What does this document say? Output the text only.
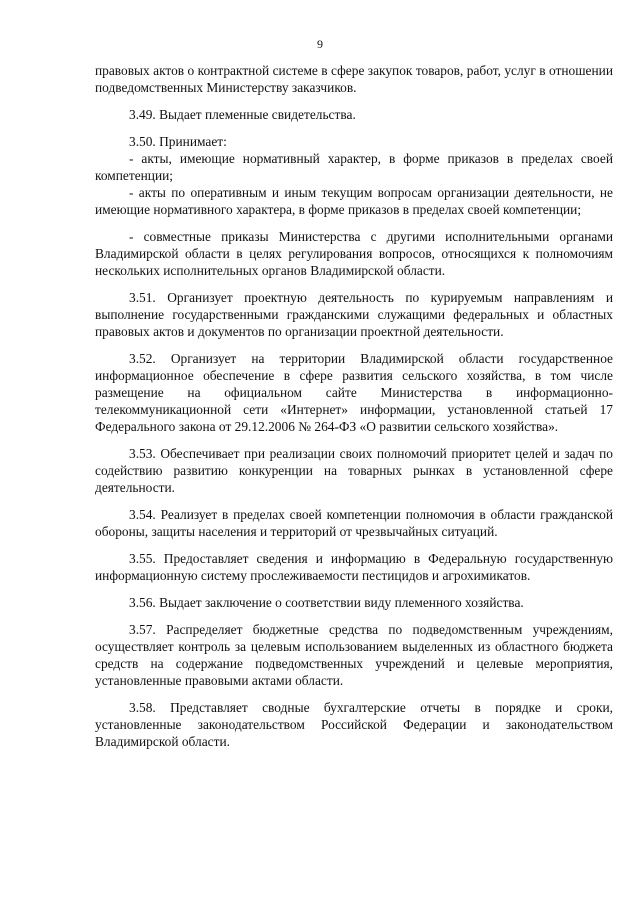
9

правовых актов о контрактной системе в сфере закупок товаров, работ, услуг в отношении подведомственных Министерству заказчиков.

3.49. Выдает племенные свидетельства.

3.50. Принимает:

- акты, имеющие нормативный характер, в форме приказов в пределах своей компетенции;

- акты по оперативным и иным текущим вопросам организации деятельности, не имеющие нормативного характера, в форме приказов в пределах своей компетенции;

- совместные приказы Министерства с другими исполнительными органами Владимирской области в целях регулирования вопросов, относящихся к полномочиям нескольких исполнительных органов Владимирской области.

3.51. Организует проектную деятельность по курируемым направлениям и выполнение государственными гражданскими служащими федеральных и областных правовых актов и документов по организации проектной деятельности.

3.52. Организует на территории Владимирской области государственное информационное обеспечение в сфере развития сельского хозяйства, в том числе размещение на официальном сайте Министерства в информационно-телекоммуникационной сети «Интернет» информации, установленной статьей 17 Федерального закона от 29.12.2006 № 264-ФЗ «О развитии сельского хозяйства».

3.53. Обеспечивает при реализации своих полномочий приоритет целей и задач по содействию развитию конкуренции на товарных рынках в установленной сфере деятельности.

3.54. Реализует в пределах своей компетенции полномочия в области гражданской обороны, защиты населения и территорий от чрезвычайных ситуаций.

3.55. Предоставляет сведения и информацию в Федеральную государственную информационную систему прослеживаемости пестицидов и агрохимикатов.

3.56. Выдает заключение о соответствии виду племенного хозяйства.

3.57. Распределяет бюджетные средства по подведомственным учреждениям, осуществляет контроль за целевым использованием выделенных из областного бюджета средств на содержание подведомственных учреждений и целевые мероприятия, установленные правовыми актами области.

3.58. Представляет сводные бухгалтерские отчеты в порядке и сроки, установленные законодательством Российской Федерации и законодательством Владимирской области.
